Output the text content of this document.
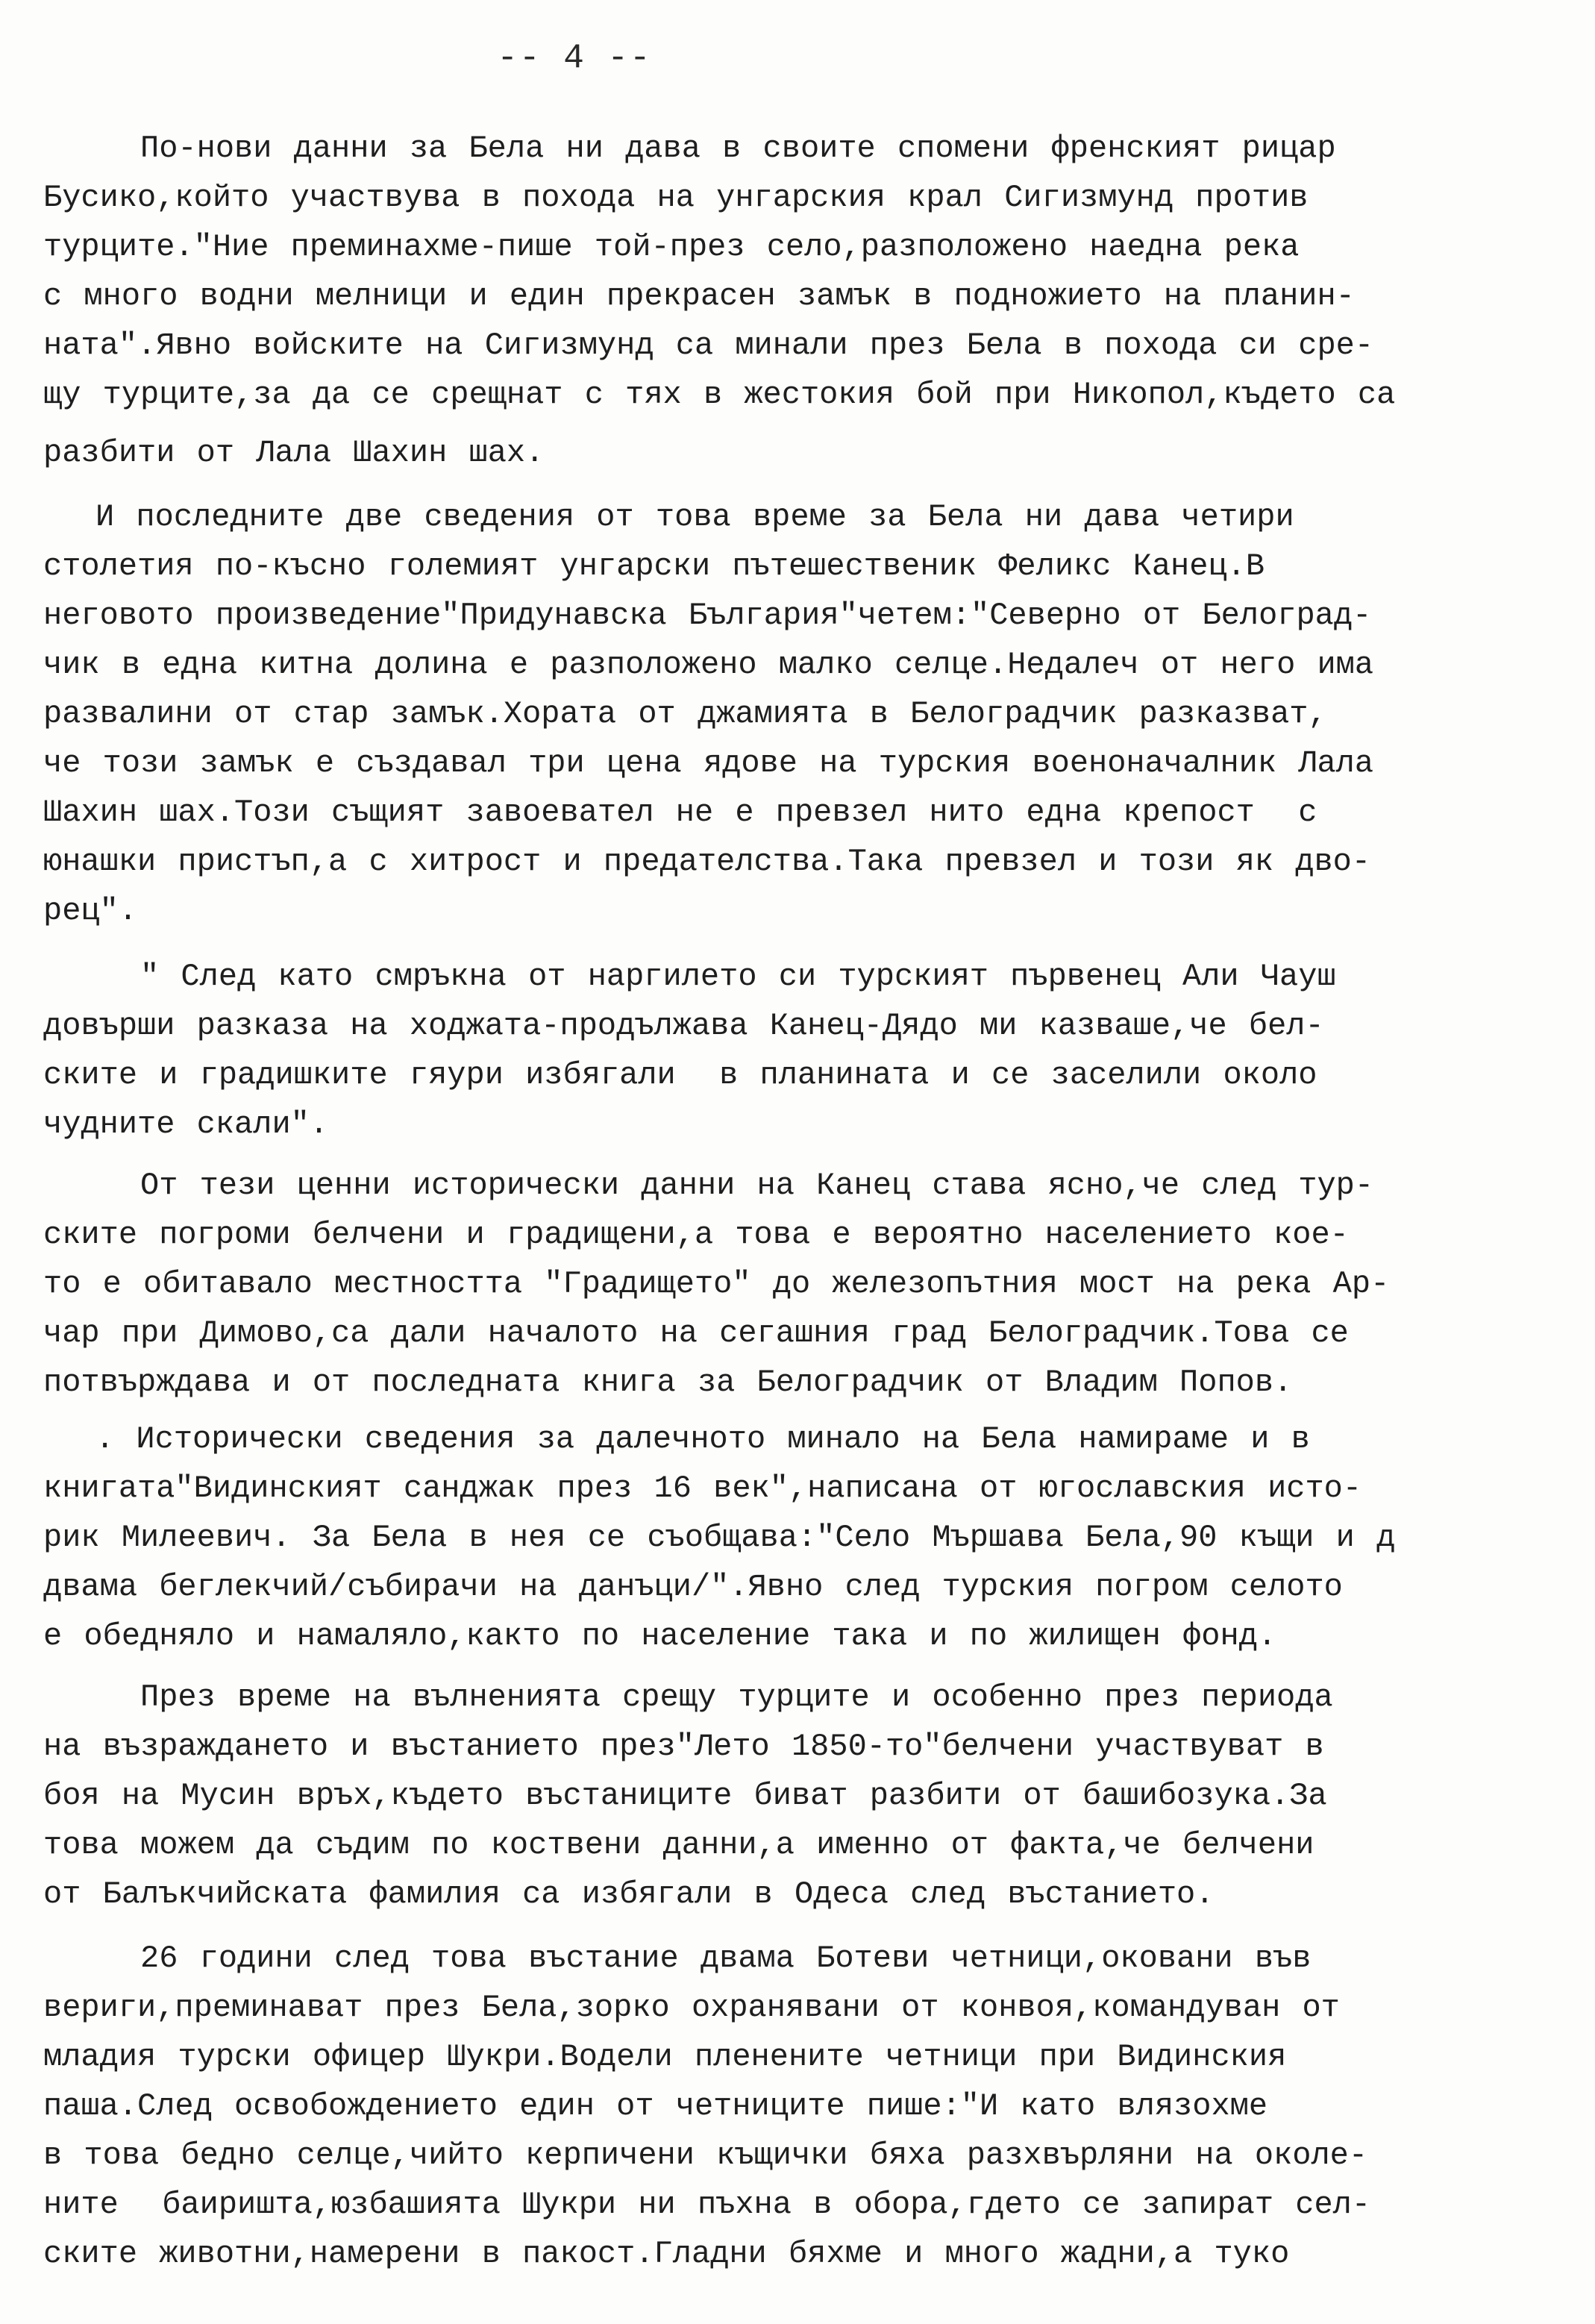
-- 4 --
По-нови данни за Бела ни дава в своите спомени френският рицар
Бусико,който участвува в похода на унгарския крал Сигизмунд против
турците."Ние преминахме-пише той-през село,разположено наедна река
с много водни мелници и един прекрасен замък в подножието на планин-
ната".Явно войските на Сигизмунд са минали през Бела в похода си сре-
щу турците,за да се срещнат с тях в жестокия бой при Никопол,където са
разбити от Лала Шахин шах.
И последните две сведения от това време за Бела ни дава четири
столетия по-късно големият унгарски пътешественик Феликс Канец.В
неговото произведение"Придунавска България"четем:"Северно от Белоград-
чик в една китна долина е разположено малко селце.Недалеч от него има
развалини от стар замък.Хората от джамията в Белоградчик разказват,
че този замък е създавал три цена ядове на турския военоначалник Лала
Шахин шах.Този същият завоевател не е превзел нито една крепост  с
юнашки пристъп,а с хитрост и предателства.Така превзел и този як дво-
рец".
" След като смръкна от наргилето си турският първенец Али Чауш
довърши разказа на ходжата-продължава Канец-Дядо ми казваше,че бел-
ските и градишките гяури избягали  в планината и се заселили около
чудните скали".
От тези ценни исторически данни на Канец става ясно,че след тур-
ските погроми белчени и градищени,а това е вероятно населението кое-
то е обитавало местността "Градището" до железопътния мост на река Ар-
чар при Димово,са дали началото на сегашния град Белоградчик.Това се
потвърждава и от последната книга за Белоградчик от Владим Попов.
. Исторически сведения за далечното минало на Бела намираме и в
книгата"Видинският санджак през 16 век",написана от югославския исто-
рик Милеевич. За Бела в нея се съобщава:"Село Мършава Бела,90 къщи и д
двама беглекчий/събирачи на данъци/".Явно след турския погром селото
е обедняло и намаляло,както по население така и по жилищен фонд.
През време на вълненията срещу турците и особенно през периода
на възраждането и въстанието през"Лето 1850-то"белчени участвуват в
боя на Мусин връх,където въстаниците биват разбити от башибозука.За
това можем да съдим по коствени данни,а именно от факта,че белчени
от Балъкчийската фамилия са избягали в Одеса след въстанието.
26 години след това въстание двама Ботеви четници,оковани във
вериги,преминават през Бела,зорко охранявани от конвоя,командуван от
младия турски офицер Шукри.Водели пленените четници при Видинския
паша.След освобождението един от четниците пише:"И като влязохме
в това бедно селце,чийто керпичени къщички бяха разхвърляни на околе-
ните  баиришта,юзбашията Шукри ни пъхна в обора,гдето се запират сел-
ските животни,намерени в пакост.Гладни бяхме и много жадни,а туко
